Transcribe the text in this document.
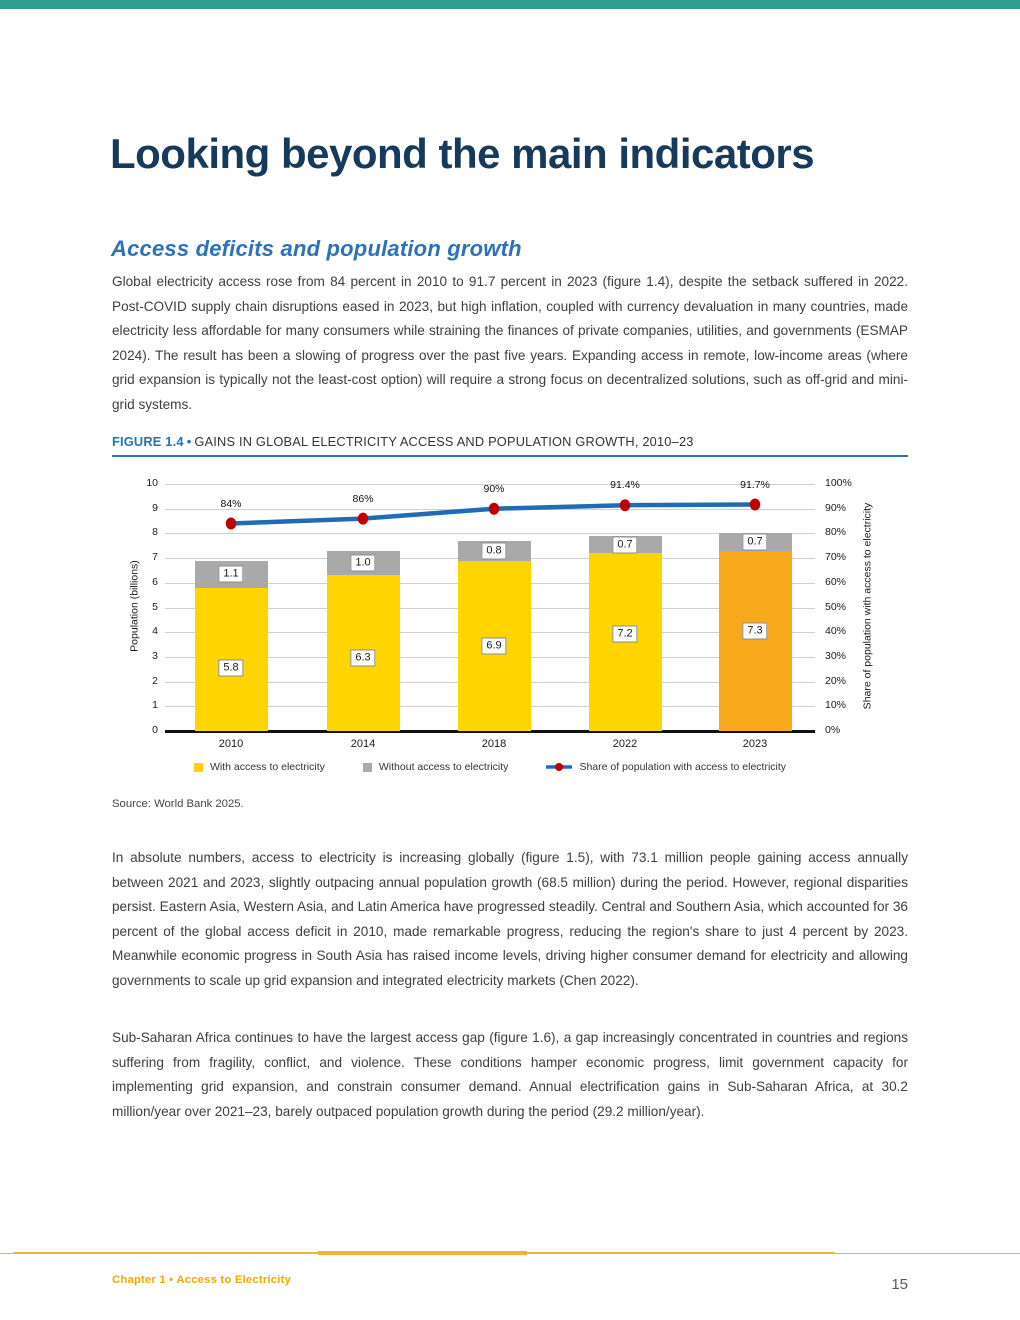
Looking beyond the main indicators
Access deficits and population growth

Global electricity access rose from 84 percent in 2010 to 91.7 percent in 2023 (figure 1.4), despite the setback suffered in 2022. Post-COVID supply chain disruptions eased in 2023, but high inflation, coupled with currency devaluation in many countries, made electricity less affordable for many consumers while straining the finances of private companies, utilities, and governments (ESMAP 2024). The result has been a slowing of progress over the past five years. Expanding access in remote, low-income areas (where grid expansion is typically not the least-cost option) will require a strong focus on decentralized solutions, such as off-grid and mini-grid systems.

FIGURE 1.4 • GAINS IN GLOBAL ELECTRICITY ACCESS AND POPULATION GROWTH, 2010–23
10	100%
9	90%
8	80%
7	70%
6	60%
5	50%
4	40%
3	30%
2	20%
1	10%
0	0%
Population (billions)	Share of population with access to electricity
1.1
5.8
2010
1.0
6.3
2014
0.8
6.9
2018
0.7
7.2
2022
0.7
7.3
2023
84%	86%
90%	91.4%	91.7%
With access to electricity	Without access to electricity	Share of population with access to electricity

Source: World Bank 2025.

In absolute numbers, access to electricity is increasing globally (figure 1.5), with 73.1 million people gaining access annually between 2021 and 2023, slightly outpacing annual population growth (68.5 million) during the period. However, regional disparities persist. Eastern Asia, Western Asia, and Latin America have progressed steadily. Central and Southern Asia, which accounted for 36 percent of the global access deficit in 2010, made remarkable progress, reducing the region's share to just 4 percent by 2023. Meanwhile economic progress in South Asia has raised income levels, driving higher consumer demand for electricity and allowing governments to scale up grid expansion and integrated electricity markets (Chen 2022).

Sub-Saharan Africa continues to have the largest access gap (figure 1.6), a gap increasingly concentrated in countries and regions suffering from fragility, conflict, and violence. These conditions hamper economic progress, limit government capacity for implementing grid expansion, and constrain consumer demand. Annual electrification gains in Sub-Saharan Africa, at 30.2 million/year over 2021–23, barely outpaced population growth during the period (29.2 million/year).

Chapter 1 • Access to Electricity	15
